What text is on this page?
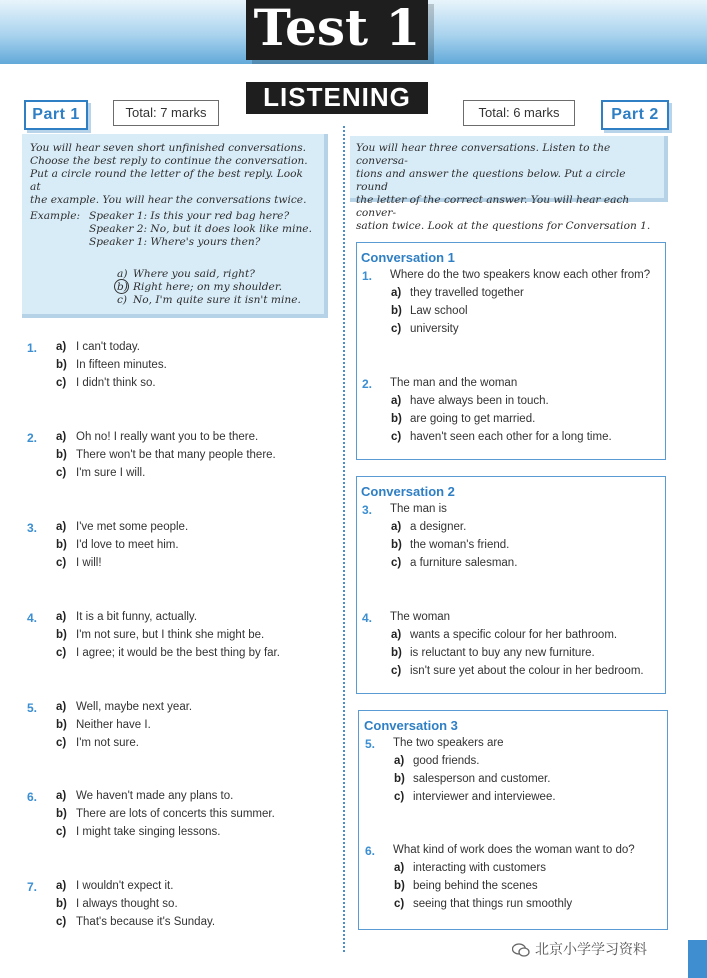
Test 1
LISTENING
Part 1	Total: 7 marks	Total: 6 marks	Part 2

You will hear seven short unfinished conversations.

Choose the best reply to continue the conversation.

Put a circle round the letter of the best reply. Look at

the example. You will hear the conversations twice.

Example: Speaker 1: Is this your red bag here?
Speaker 2: No, but it does look like mine.
Speaker 1: Where's yours then?
a) Where you said, right?
b) Right here; on my shoulder.
c) No, I'm quite sure it isn't mine.

You will hear three conversations. Listen to the conversa-

tions and answer the questions below. Put a circle round

the letter of the correct answer. You will hear each conver-

sation twice. Look at the questions for Conversation 1.

1. a) I can't today.
b) In fifteen minutes.
c) I didn't think so.
2. a) Oh no! I really want you to be there.
b) There won't be that many people there.
c) I'm sure I will.
3. a) I've met some people.
b) I'd love to meet him.
c) I will!
4. a) It is a bit funny, actually.
b) I'm not sure, but I think she might be.
c) I agree; it would be the best thing by far.
5. a) Well, maybe next year.
b) Neither have I.
c) I'm not sure.
6. a) We haven't made any plans to.
b) There are lots of concerts this summer.
c) I might take singing lessons.
7. a) I wouldn't expect it.
b) I always thought so.
c) That's because it's Sunday.
Conversation 1
1. Where do the two speakers know each other from?
a) they travelled together
b) Law school
c) university
2. The man and the woman
a) have always been in touch.
b) are going to get married.
c) haven't seen each other for a long time.
Conversation 2
3. The man is
a) a designer.
b) the woman's friend.
c) a furniture salesman.
4. The woman
a) wants a specific colour for her bathroom.
b) is reluctant to buy any new furniture.
c) isn't sure yet about the colour in her bedroom.
Conversation 3
5. The two speakers are
a) good friends.
b) salesperson and customer.
c) interviewer and interviewee.
6. What kind of work does the woman want to do?
a) interacting with customers
b) being behind the scenes
c) seeing that things run smoothly
北京小学学习资料
